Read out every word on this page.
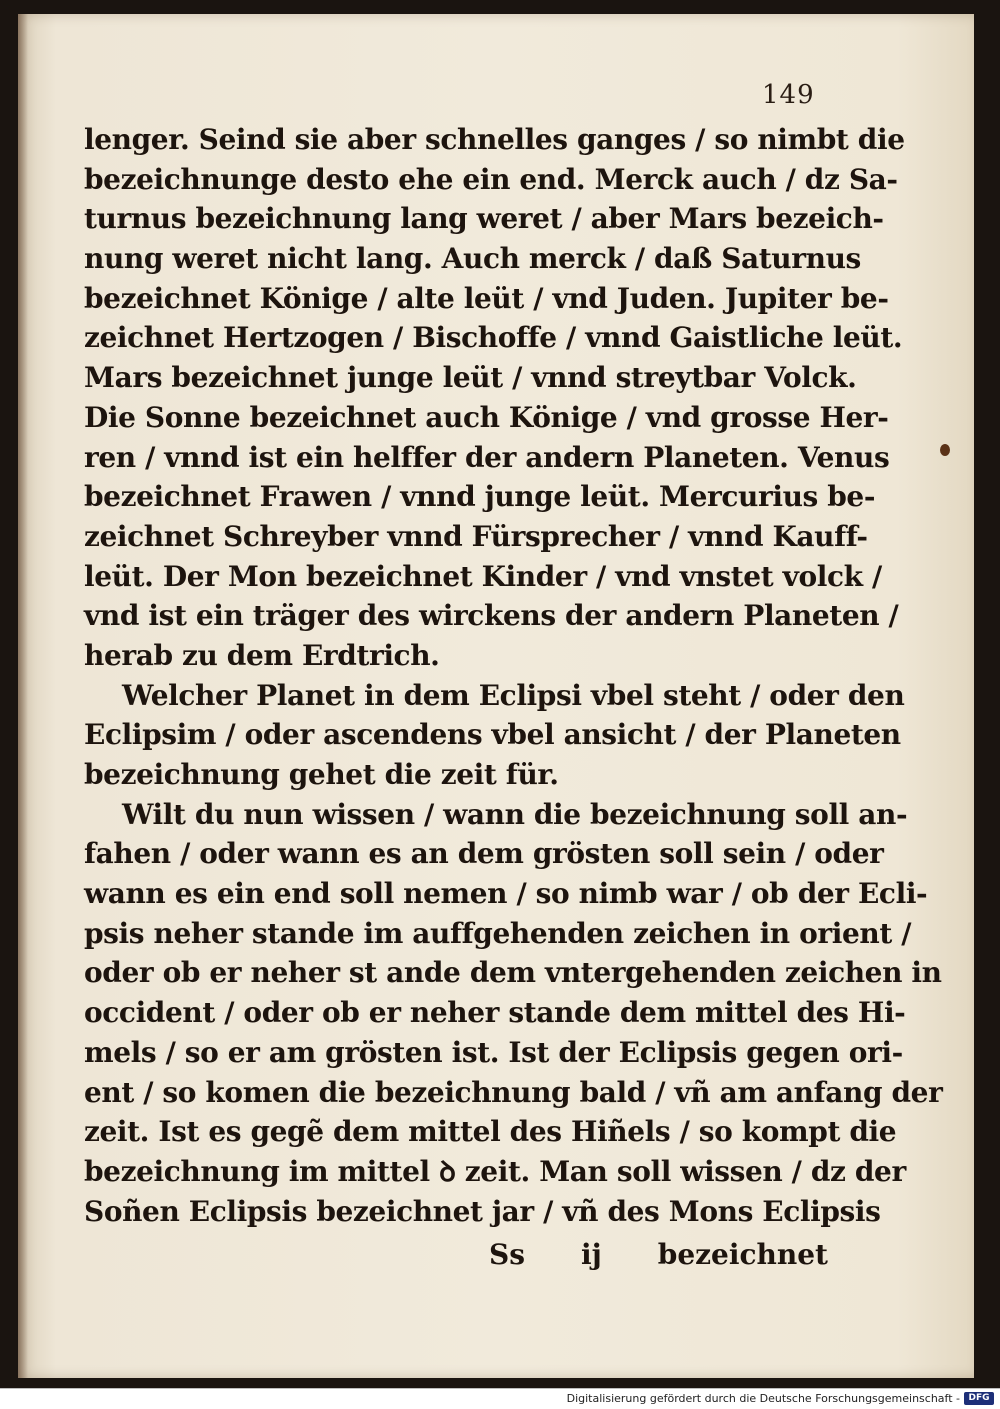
149
lenger. Seind sie aber schnelles ganges / so nimbt die
bezeichnunge desto ehe ein end. Merck auch / dz Sa-
turnus bezeichnung lang weret / aber Mars bezeich-
nung weret nicht lang. Auch merck / daß Saturnus
bezeichnet Könige / alte leüt / vnd Juden. Jupiter be-
zeichnet Hertzogen / Bischoffe / vnnd Gaistliche leüt.
Mars bezeichnet junge leüt / vnnd streytbar Volck.
Die Sonne bezeichnet auch Könige / vnd grosse Her-
ren / vnnd ist ein helffer der andern Planeten. Venus
bezeichnet Frawen / vnnd junge leüt. Mercurius be-
zeichnet Schreyber vnnd Fürsprecher / vnnd Kauff-
leüt. Der Mon bezeichnet Kinder / vnd vnstet volck /
vnd ist ein träger des wirckens der andern Planeten /
herab zu dem Erdtrich.
Welcher Planet in dem Eclipsi vbel steht / oder den
Eclipsim / oder ascendens vbel ansicht / der Planeten
bezeichnung gehet die zeit für.
Wilt du nun wissen / wann die bezeichnung soll an-
fahen / oder wann es an dem grösten soll sein / oder
wann es ein end soll nemen / so nimb war / ob der Ecli-
psis neher stande im auffgehenden zeichen in orient /
oder ob er neher st ande dem vntergehenden zeichen in
occident / oder ob er neher stande dem mittel des Hi-
mels / so er am grösten ist. Ist der Eclipsis gegen ori-
ent / so komen die bezeichnung bald / vñ am anfang der
zeit. Ist es gegẽ dem mittel des Hiñels / so kompt die
bezeichnung im mittel ꝺ zeit. Man soll wissen / dz der
Soñen Eclipsis bezeichnet jar / vñ des Mons Eclipsis
Ss ij bezeichnet
Digitalisierung gefördert durch die Deutsche Forschungsgemeinschaft - DFG
